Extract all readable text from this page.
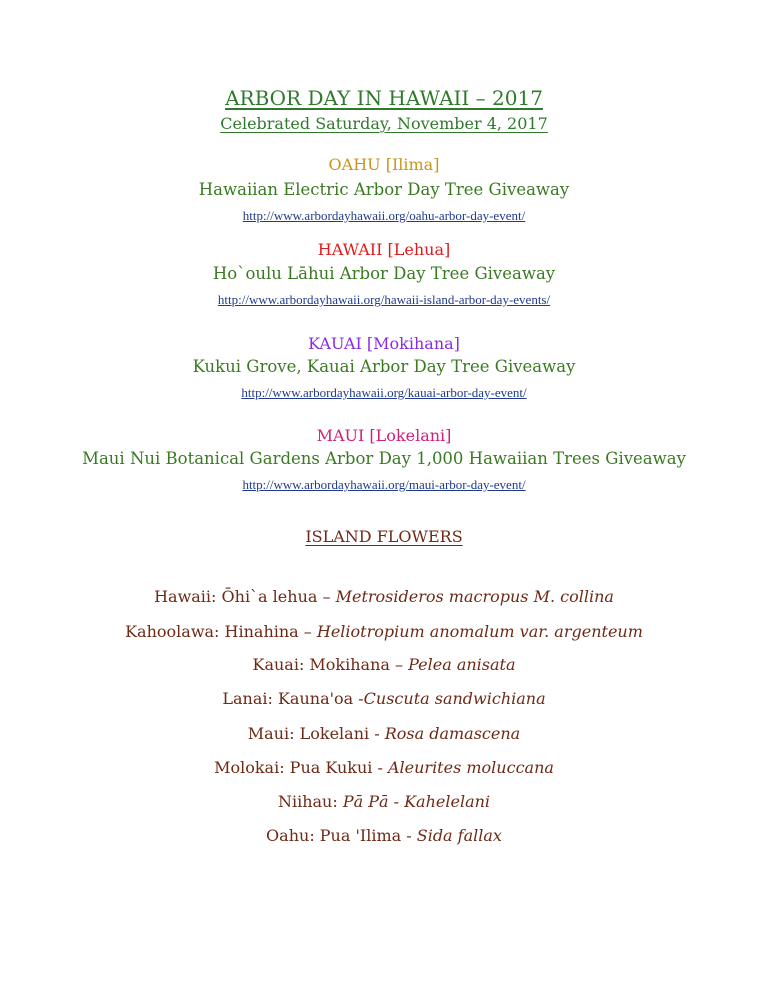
ARBOR DAY IN HAWAII – 2017
Celebrated Saturday, November 4, 2017
OAHU [Ilima]
Hawaiian Electric Arbor Day Tree Giveaway
http://www.arbordayhawaii.org/oahu-arbor-day-event/
HAWAII [Lehua]
Ho`oulu Lāhui Arbor Day Tree Giveaway
http://www.arbordayhawaii.org/hawaii-island-arbor-day-events/
KAUAI [Mokihana]
Kukui Grove, Kauai Arbor Day Tree Giveaway
http://www.arbordayhawaii.org/kauai-arbor-day-event/
MAUI [Lokelani]
Maui Nui Botanical Gardens Arbor Day 1,000 Hawaiian Trees Giveaway
http://www.arbordayhawaii.org/maui-arbor-day-event/
ISLAND FLOWERS
Hawaii: Ōhi`a lehua – Metrosideros macropus M. collina
Kahoolawa: Hinahina – Heliotropium anomalum var. argenteum
Kauai: Mokihana – Pelea anisata
Lanai: Kauna'oa -Cuscuta sandwichiana
Maui: Lokelani - Rosa damascena
Molokai: Pua Kukui - Aleurites moluccana
Niihau: Pā Pā - Kahelelani
Oahu: Pua 'Ilima - Sida fallax
